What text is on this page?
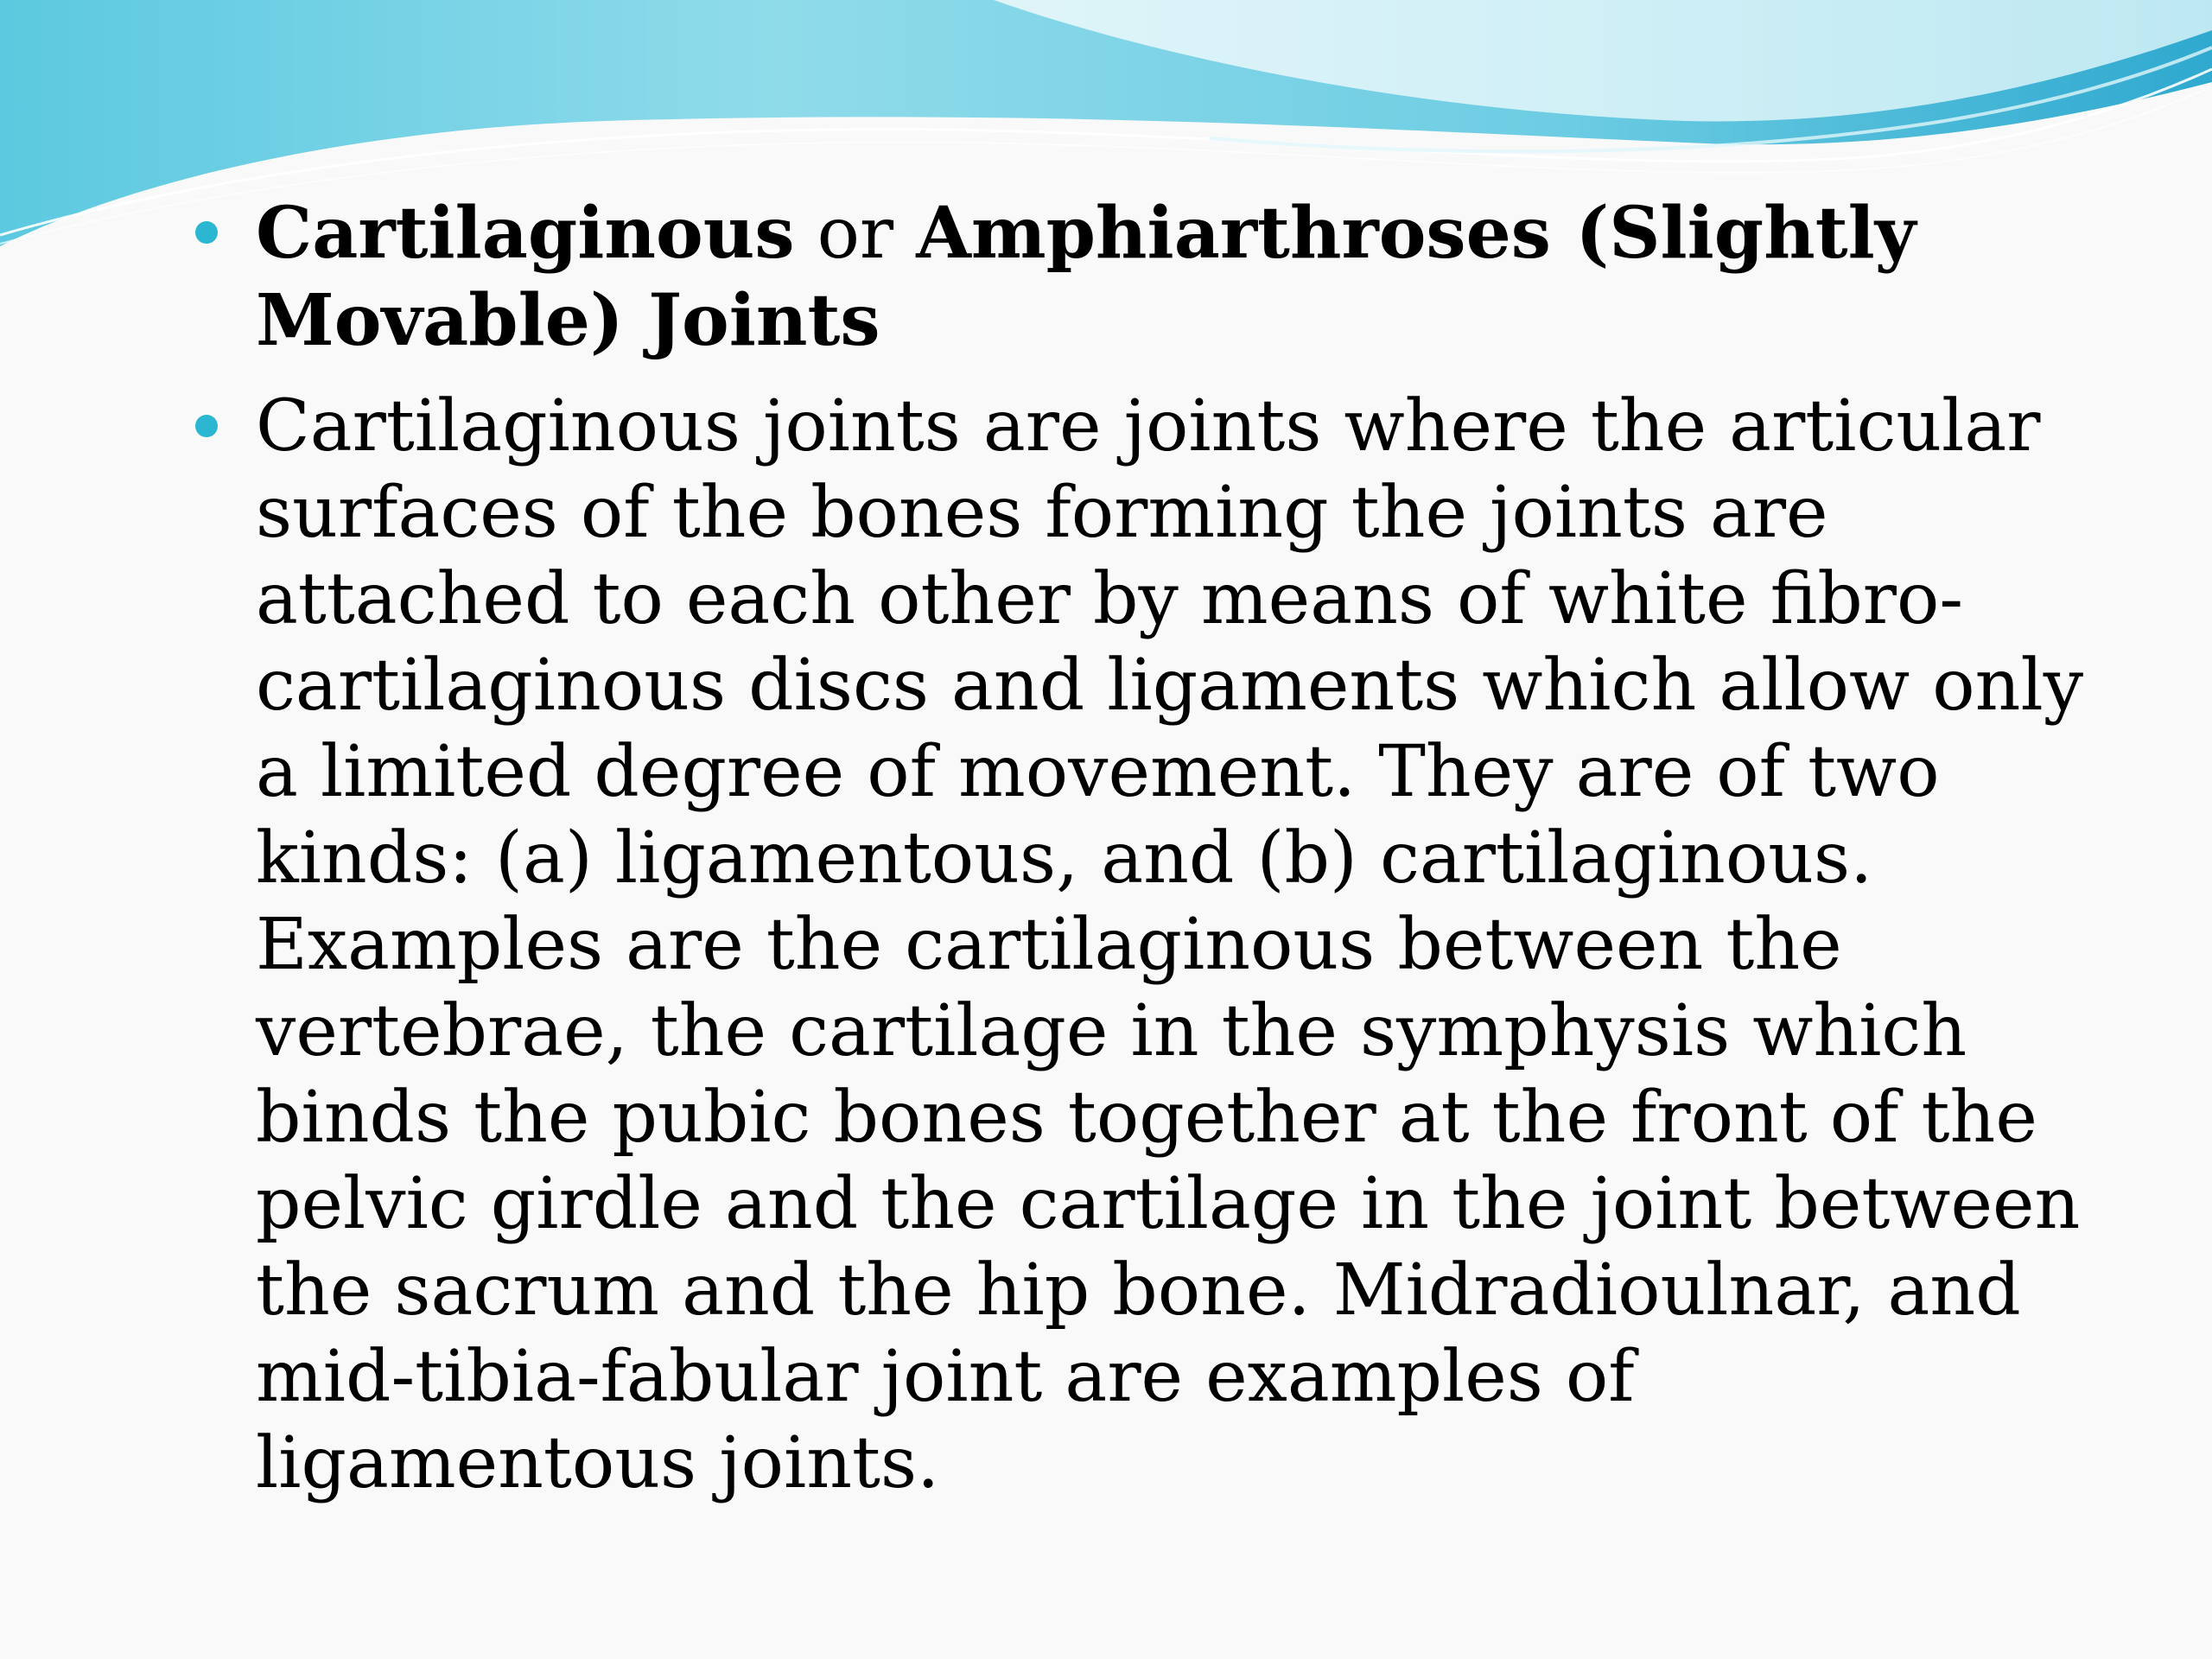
Cartilaginous or Amphiarthroses (Slightly Movable) Joints
Cartilaginous joints are joints where the articular surfaces of the bones forming the joints are attached to each other by means of white fibro-cartilaginous discs and ligaments which allow only a limited degree of movement. They are of two kinds: (a) ligamentous, and (b) cartilaginous. Examples are the cartilaginous between the vertebrae, the cartilage in the symphysis which binds the pubic bones together at the front of the pelvic girdle and the cartilage in the joint between the sacrum and the hip bone. Midradioulnar, and mid-tibia-fabular joint are examples of ligamentous joints.
